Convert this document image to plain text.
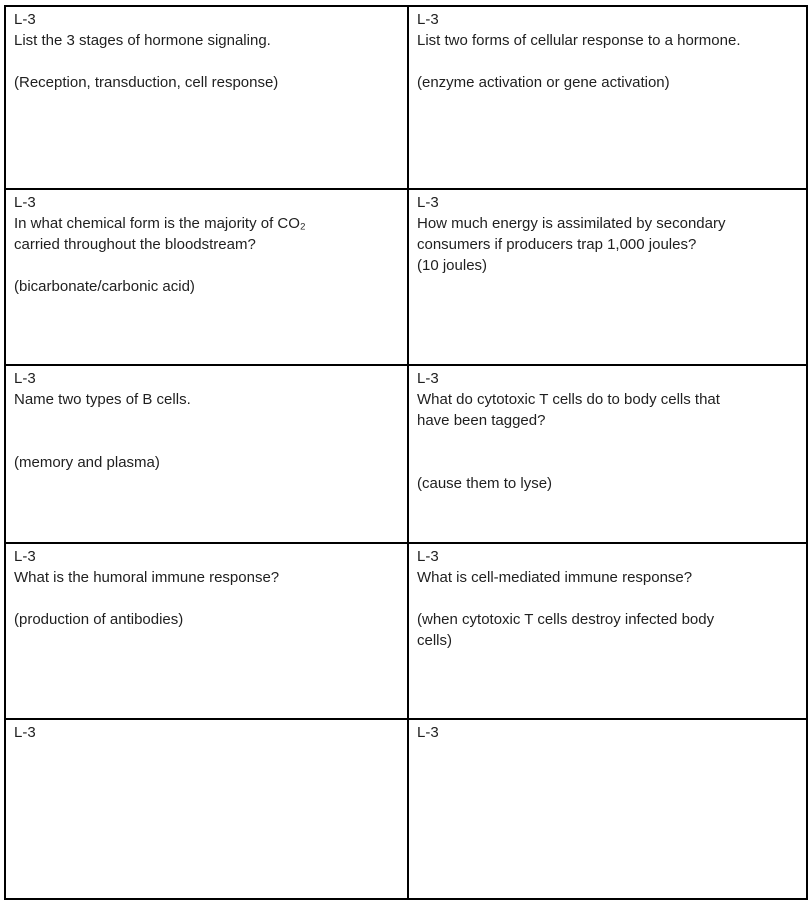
L-3
List the 3 stages of hormone signaling.
(Reception, transduction, cell response)

L-3
List two forms of cellular response to a hormone.
(enzyme activation or gene activation)

L-3
In what chemical form is the majority of CO₂
carried throughout the bloodstream?
(bicarbonate/carbonic acid)

L-3
How much energy is assimilated by secondary
consumers if producers trap 1,000 joules?
(10 joules)

L-3
Name two types of B cells.
(memory and plasma)

L-3
What do cytotoxic T cells do to body cells that
have been tagged?
(cause them to lyse)

L-3
What is the humoral immune response?
(production of antibodies)

L-3
What is cell-mediated immune response?
(when cytotoxic T cells destroy infected body
cells)

L-3	L-3
